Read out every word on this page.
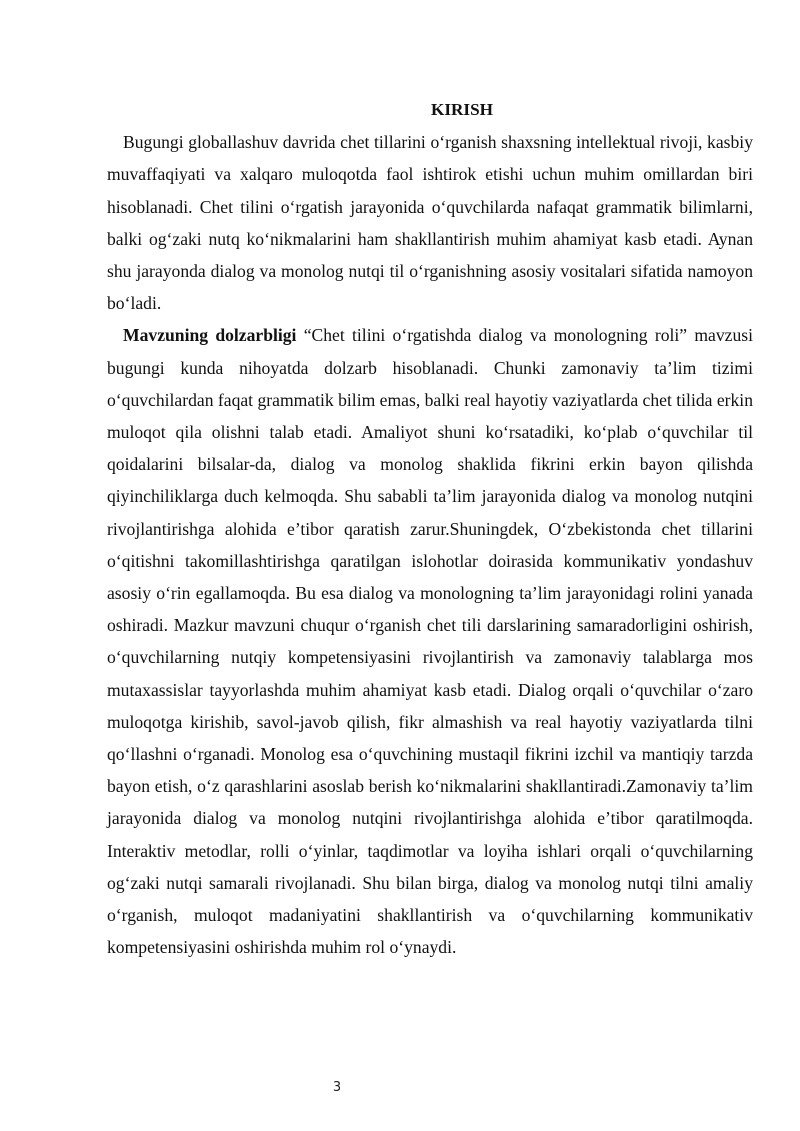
KIRISH

Bugungi globallashuv davrida chet tillarini o‘rganish shaxsning intellektual rivoji, kasbiy muvaffaqiyati va xalqaro muloqotda faol ishtirok etishi uchun muhim omillardan biri hisoblanadi. Chet tilini o‘rgatish jarayonida o‘quvchilarda nafaqat grammatik bilimlarni, balki og‘zaki nutq ko‘nikmalarini ham shakllantirish muhim ahamiyat kasb etadi. Aynan shu jarayonda dialog va monolog nutqi til o‘rganishning asosiy vositalari sifatida namoyon bo‘ladi.

Mavzuning dolzarbligi “Chet tilini o‘rgatishda dialog va monologning roli” mavzusi bugungi kunda nihoyatda dolzarb hisoblanadi. Chunki zamonaviy ta’lim tizimi o‘quvchilardan faqat grammatik bilim emas, balki real hayotiy vaziyatlarda chet tilida erkin muloqot qila olishni talab etadi. Amaliyot shuni ko‘rsatadiki, ko‘plab o‘quvchilar til qoidalarini bilsalar-da, dialog va monolog shaklida fikrini erkin bayon qilishda qiyinchiliklarga duch kelmoqda. Shu sababli ta’lim jarayonida dialog va monolog nutqini rivojlantirishga alohida e’tibor qaratish zarur.Shuningdek, O‘zbekistonda chet tillarini o‘qitishni takomillashtirishga qaratilgan islohotlar doirasida kommunikativ yondashuv asosiy o‘rin egallamoqda. Bu esa dialog va monologning ta’lim jarayonidagi rolini yanada oshiradi. Mazkur mavzuni chuqur o‘rganish chet tili darslarining samaradorligini oshirish, o‘quvchilarning nutqiy kompetensiyasini rivojlantirish va zamonaviy talablarga mos mutaxassislar tayyorlashda muhim ahamiyat kasb etadi. Dialog orqali o‘quvchilar o‘zaro muloqotga kirishib, savol-javob qilish, fikr almashish va real hayotiy vaziyatlarda tilni qo‘llashni o‘rganadi. Monolog esa o‘quvchining mustaqil fikrini izchil va mantiqiy tarzda bayon etish, o‘z qarashlarini asoslab berish ko‘nikmalarini shakllantiradi.Zamonaviy ta’lim jarayonida dialog va monolog nutqini rivojlantirishga alohida e’tibor qaratilmoqda. Interaktiv metodlar, rolli o‘yinlar, taqdimotlar va loyiha ishlari orqali o‘quvchilarning og‘zaki nutqi samarali rivojlanadi. Shu bilan birga, dialog va monolog nutqi tilni amaliy o‘rganish, muloqot madaniyatini shakllantirish va o‘quvchilarning kommunikativ kompetensiyasini oshirishda muhim rol o‘ynaydi.

3
